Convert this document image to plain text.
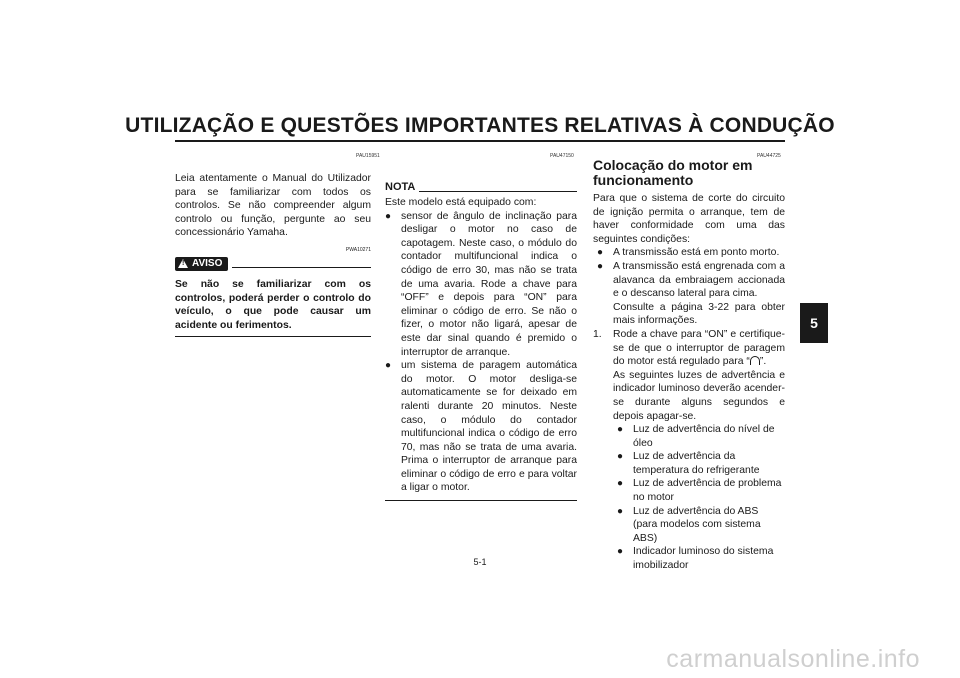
UTILIZAÇÃO E QUESTÕES IMPORTANTES RELATIVAS À CONDUÇÃO
PAU15951

Leia atentamente o Manual do Utilizador para se familiarizar com todos os controlos. Se não compreender algum controlo ou função, pergunte ao seu concessionário Yamaha.

PWA10271
!
AVISO

Se não se familiarizar com os controlos, poderá perder o controlo do veículo, o que pode causar um acidente ou ferimentos.

PAU47150
NOTA

Este modelo está equipado com:

● sensor de ângulo de inclinação para desligar o motor no caso de capotagem. Neste caso, o módulo do contador multifuncional indica o código de erro 30, mas não se trata de uma avaria. Rode a chave para “OFF” e depois para “ON” para eliminar o código de erro. Se não o fizer, o motor não ligará, apesar de este dar sinal quando é premido o interruptor de arranque.

● um sistema de paragem automática do motor. O motor desliga-se automaticamente se for deixado em ralenti durante 20 minutos. Neste caso, o módulo do contador multifuncional indica o código de erro 70, mas não se trata de uma avaria. Prima o interruptor de arranque para eliminar o código de erro e para voltar a ligar o motor.

PAU44725
Colocação do motor em funcionamento

Para que o sistema de corte do circuito de ignição permita o arranque, tem de haver conformidade com uma das seguintes condições:

● A transmissão está em ponto morto.

● A transmissão está engrenada com a alavanca da embraiagem accionada e o descanso lateral para cima.

Consulte a página 3-22 para obter mais informações.

1. Rode a chave para “ON” e certifique-se de que o interruptor de paragem do motor está regulado para “ ”.

As seguintes luzes de advertência e indicador luminoso deverão acender-se durante alguns segundos e depois apagar-se.

● Luz de advertência do nível de óleo

● Luz de advertência da temperatura do refrigerante

● Luz de advertência de problema no motor

● Luz de advertência do ABS (para modelos com sistema ABS)

● Indicador luminoso do sistema imobilizador

5
5-1
carmanualsonline.info
